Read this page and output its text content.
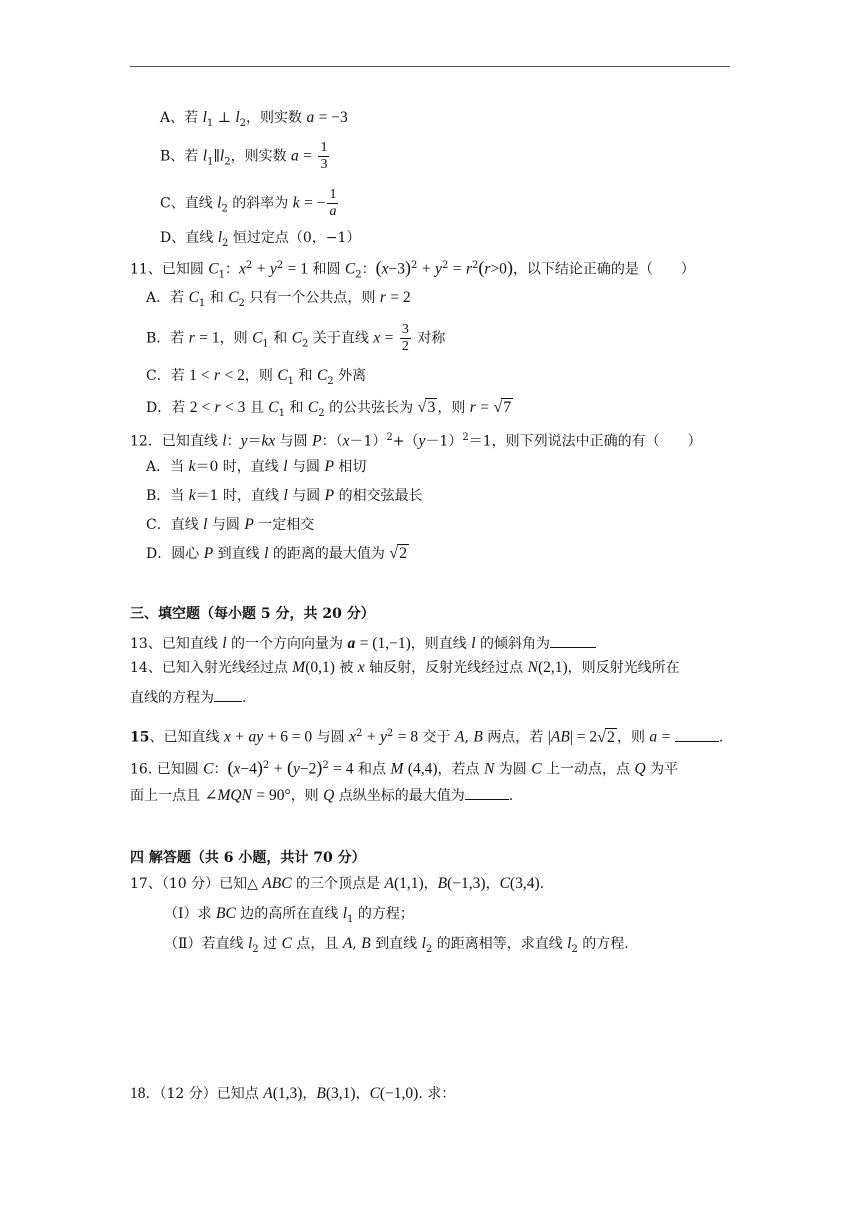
A、若 $l_1$ ⊥ $l_2$，则实数 a = −3
B、若 $l_1\parallel l_2$，则实数 $a = \frac{1}{3}$
C、直线 $l_2$ 的斜率为 k = − $\frac{1}{a}$
D、直线 $l_2$ 恒过定点（0，−1）
11、已知圆 $C_1$：$x^2 + y^2 = 1$ 和圆 $C_2$：$(x-3)^2 + y^2 = r^2(r>0)$，以下结论正确的是（　　）
A．若 $C_1$ 和 $C_2$ 只有一个公共点，则 r = 2
B．若 r = 1，则 $C_1$ 和 $C_2$ 关于直线 $x = \frac{3}{2}$ 对称
C．若 1 < r < 2，则 $C_1$ 和 $C_2$ 外离
D．若 2 < r < 3 且 $C_1$ 和 $C_2$ 的公共弦长为 √3 ，则 r = √7
12．已知直线 l：y＝kx 与圆 P：$(x-1)^2+(y-1)^2=1$，则下列说法中正确的有（　　）
A．当 k＝0 时，直线 l 与圆 P 相切
B．当 k＝1 时，直线 l 与圆 P 的相交弦最长
C．直线 l 与圆 P 一定相交
D．圆心 P 到直线 l 的距离的最大值为 √2
三、填空题（每小题 5 分，共 20 分）
13、已知直线 l 的一个方向向量为 a = (1,−1)，则直线 l 的倾斜角为
14、已知入射光线经过点 M(0,1) 被 x 轴反射，反射光线经过点 N(2,1)，则反射光线所在
直线的方程为 .
15、已知直线 x + ay + 6 = 0 与圆 $x^2 + y^2 = 8$ 交于 A, B 两点，若 |AB| = 2√2 ，则 a =	.
16. 已知圆 C：$(x-4)^2 + (y-2)^2 = 4$ 和点 M (4,4)，若点 N 为圆 C 上一动点，点 Q 为平
面上一点且 ∠MQN = 90°，则 Q 点纵坐标的最大值为	.
四 解答题（共 6 小题，共计 70 分）
17、（10 分）已知△ ABC 的三个顶点是 A(1,1)，B(−1,3)，C(3,4).
（Ⅰ）求 BC 边的高所在直线 $l_1$ 的方程；
（Ⅱ）若直线 $l_2$ 过 C 点，且 A, B 到直线 $l_2$ 的距离相等，求直线 $l_2$ 的方程.
18．（12 分）已知点 A(1,3)，B(3,1)，C(−1,0). 求：
